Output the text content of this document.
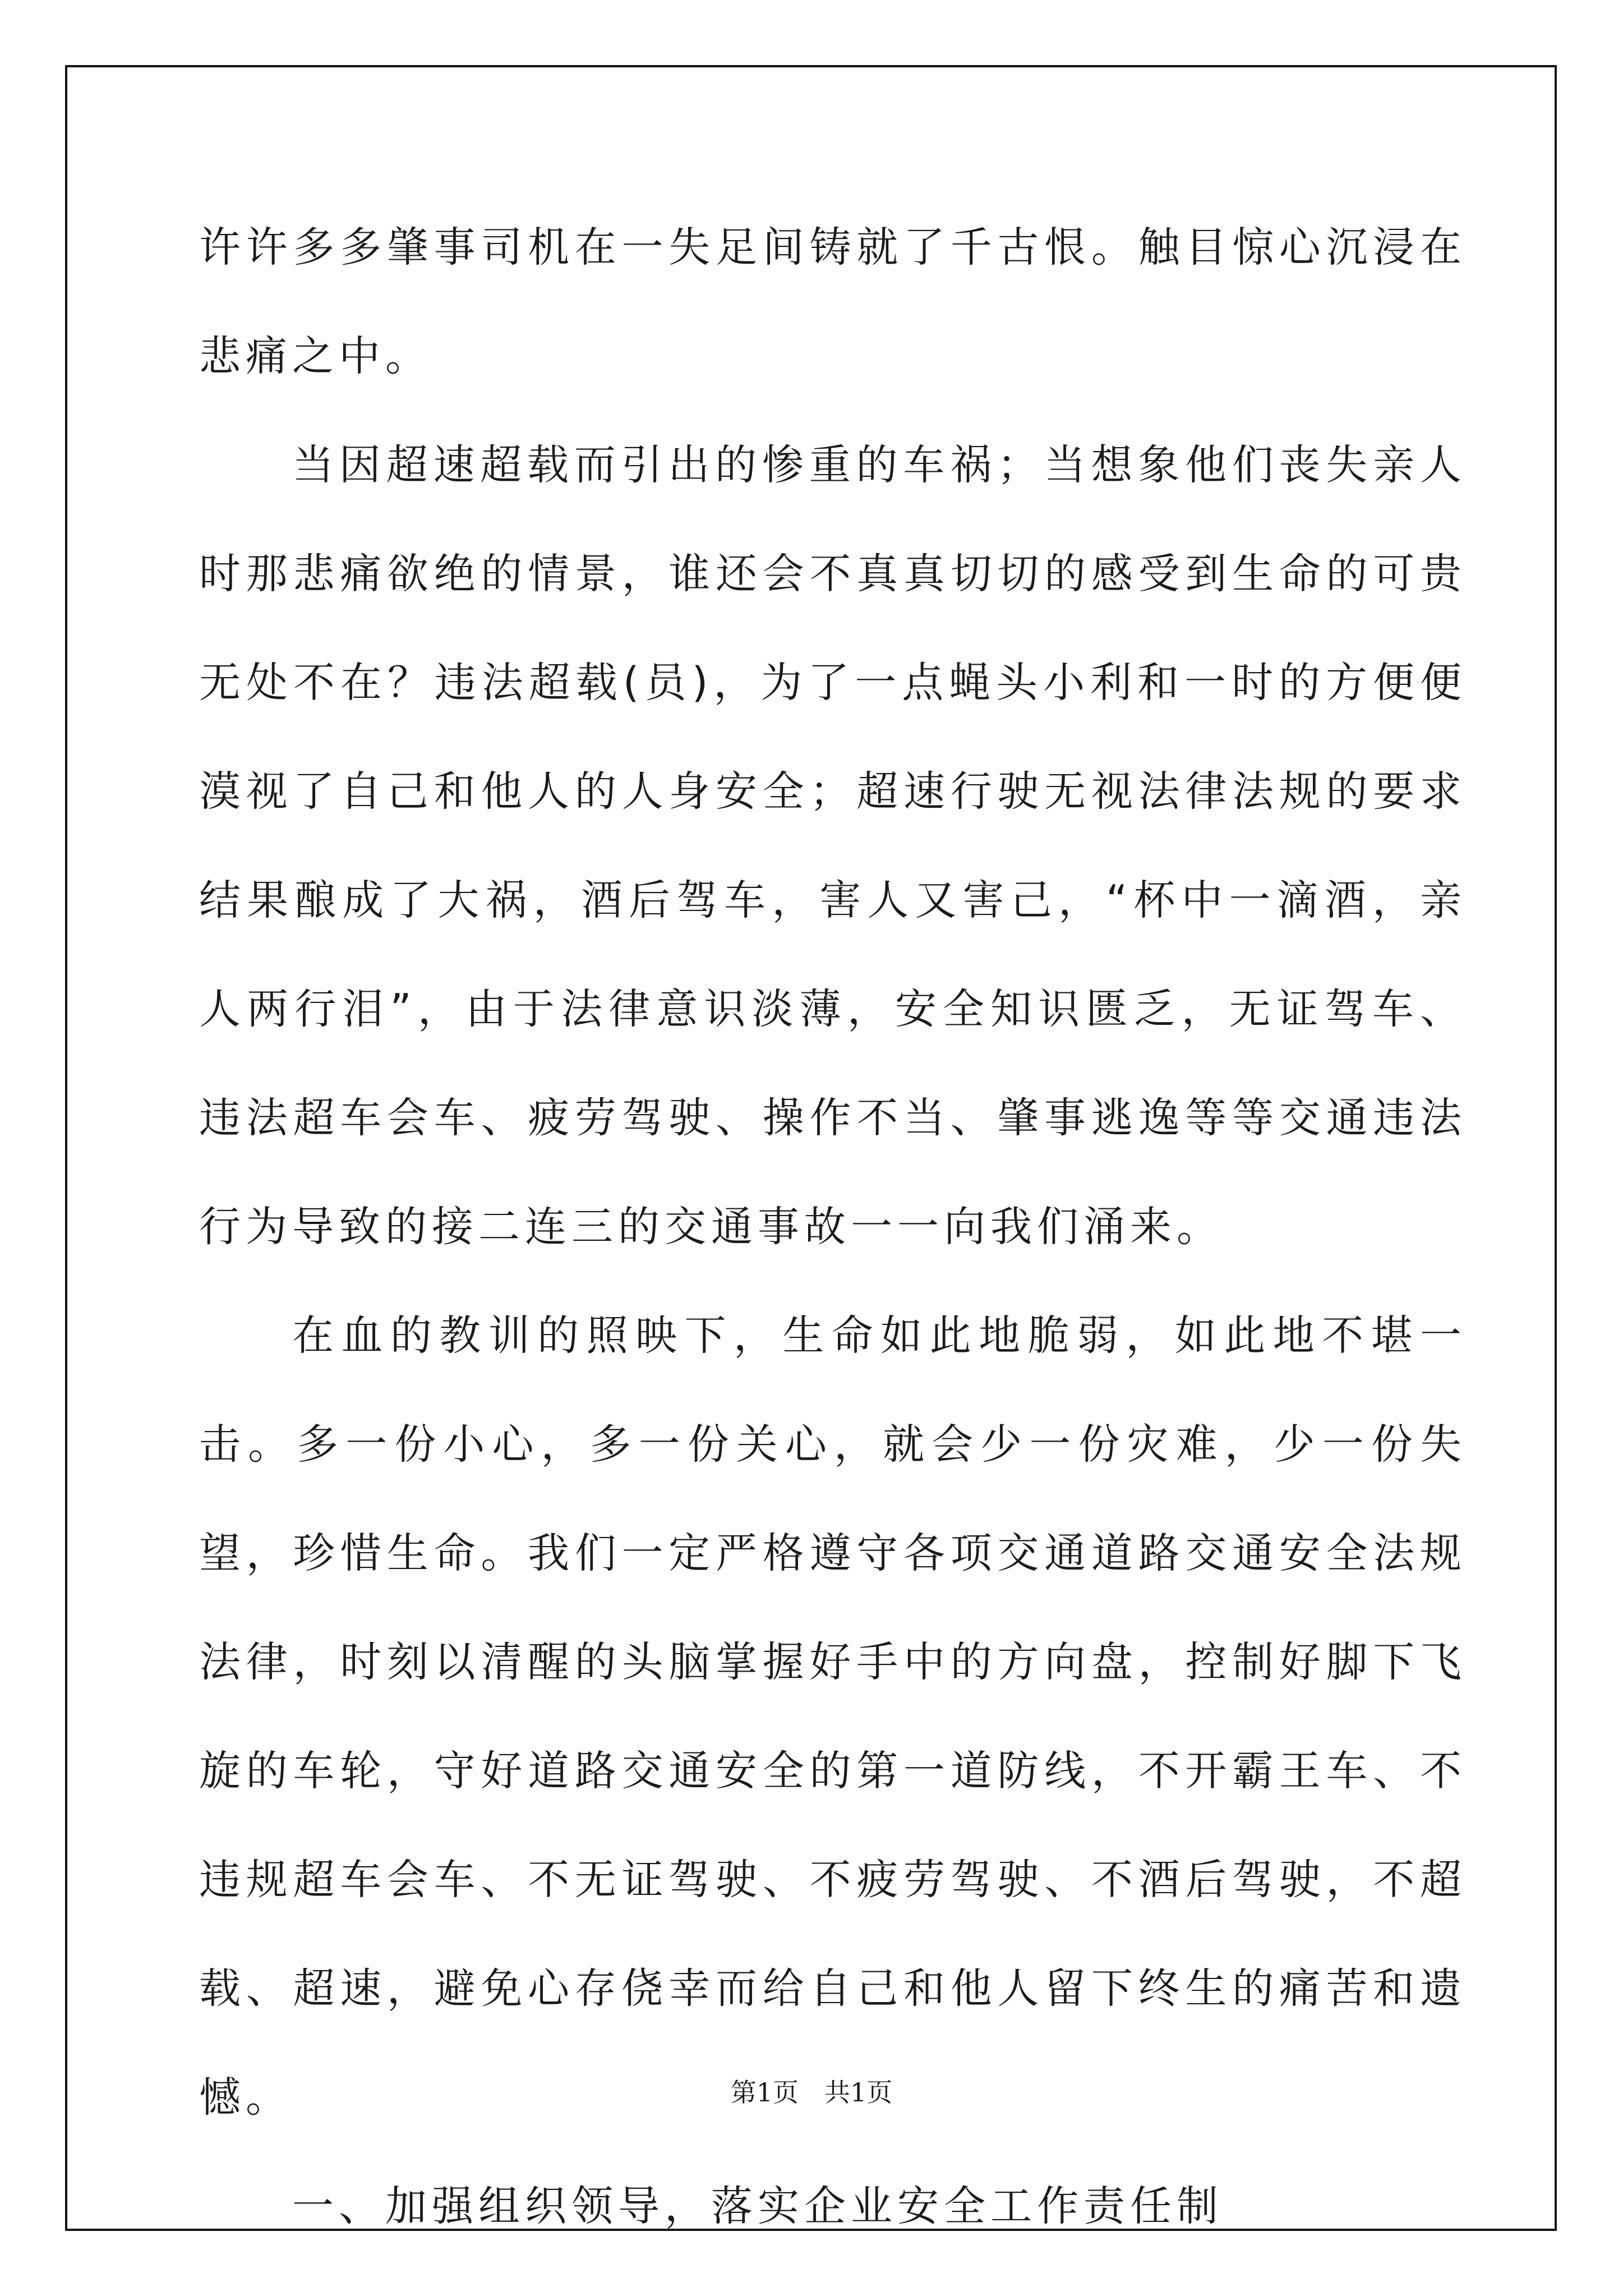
许许多多肇事司机在一失足间铸就了千古恨。触目惊心沉浸在悲痛之中。

当因超速超载而引出的惨重的车祸；当想象他们丧失亲人时那悲痛欲绝的情景，谁还会不真真切切的感受到生命的可贵无处不在？违法超载(员)，为了一点蝇头小利和一时的方便便漠视了自己和他人的人身安全；超速行驶无视法律法规的要求结果酿成了大祸，酒后驾车，害人又害己，“杯中一滴酒，亲人两行泪”，由于法律意识淡薄，安全知识匮乏，无证驾车、违法超车会车、疲劳驾驶、操作不当、肇事逃逸等等交通违法行为导致的接二连三的交通事故一一向我们涌来。

在血的教训的照映下，生命如此地脆弱，如此地不堪一击。多一份小心，多一份关心，就会少一份灾难，少一份失望，珍惜生命。我们一定严格遵守各项交通道路交通安全法规法律，时刻以清醒的头脑掌握好手中的方向盘，控制好脚下飞旋的车轮，守好道路交通安全的第一道防线，不开霸王车、不违规超车会车、不无证驾驶、不疲劳驾驶、不酒后驾驶，不超载、超速，避免心存侥幸而给自己和他人留下终生的痛苦和遗憾。

一、加强组织领导，落实企业安全工作责任制

第1页　共1页
